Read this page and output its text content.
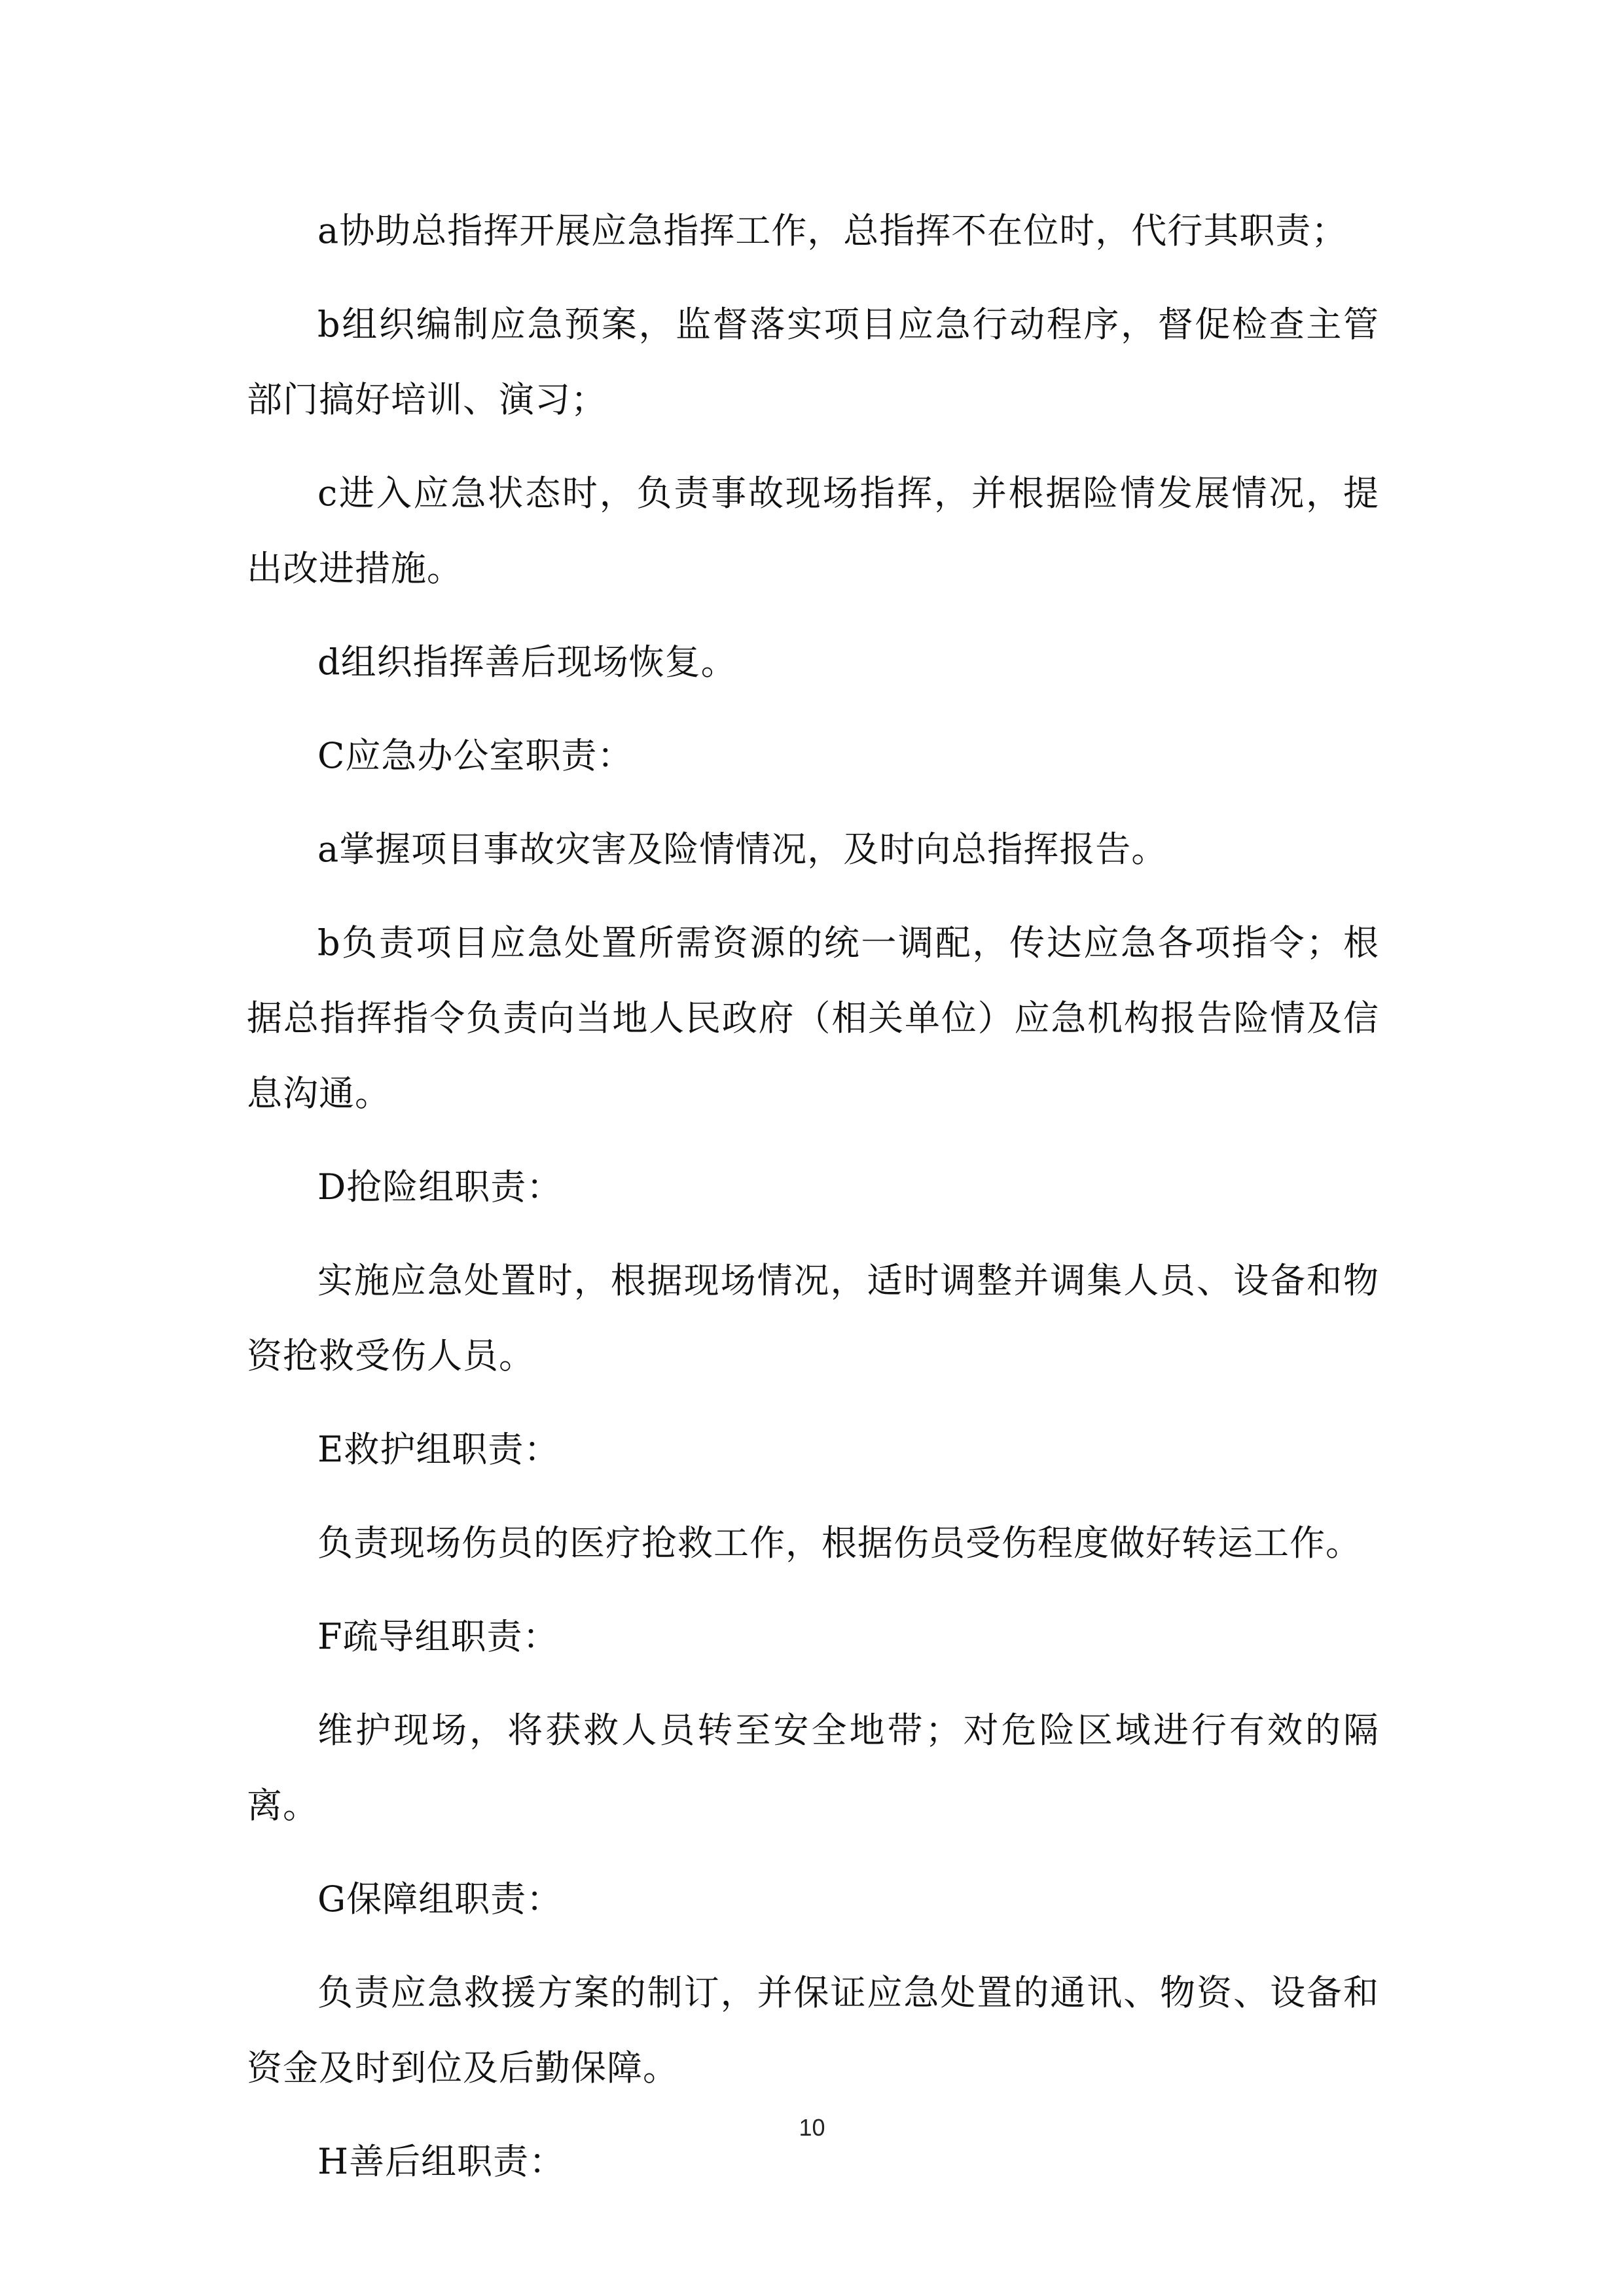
a协助总指挥开展应急指挥工作，总指挥不在位时，代行其职责；

b组织编制应急预案，监督落实项目应急行动程序，督促检查主管部门搞好培训、演习；

c进入应急状态时，负责事故现场指挥，并根据险情发展情况，提出改进措施。

d组织指挥善后现场恢复。

C应急办公室职责：

a掌握项目事故灾害及险情情况，及时向总指挥报告。

b负责项目应急处置所需资源的统一调配，传达应急各项指令；根据总指挥指令负责向当地人民政府（相关单位）应急机构报告险情及信息沟通。

D抢险组职责：

实施应急处置时，根据现场情况，适时调整并调集人员、设备和物资抢救受伤人员。

E救护组职责：

负责现场伤员的医疗抢救工作，根据伤员受伤程度做好转运工作。

F疏导组职责：

维护现场，将获救人员转至安全地带；对危险区域进行有效的隔离。

G保障组职责：

负责应急救援方案的制订，并保证应急处置的通讯、物资、设备和资金及时到位及后勤保障。

H善后组职责：

10
